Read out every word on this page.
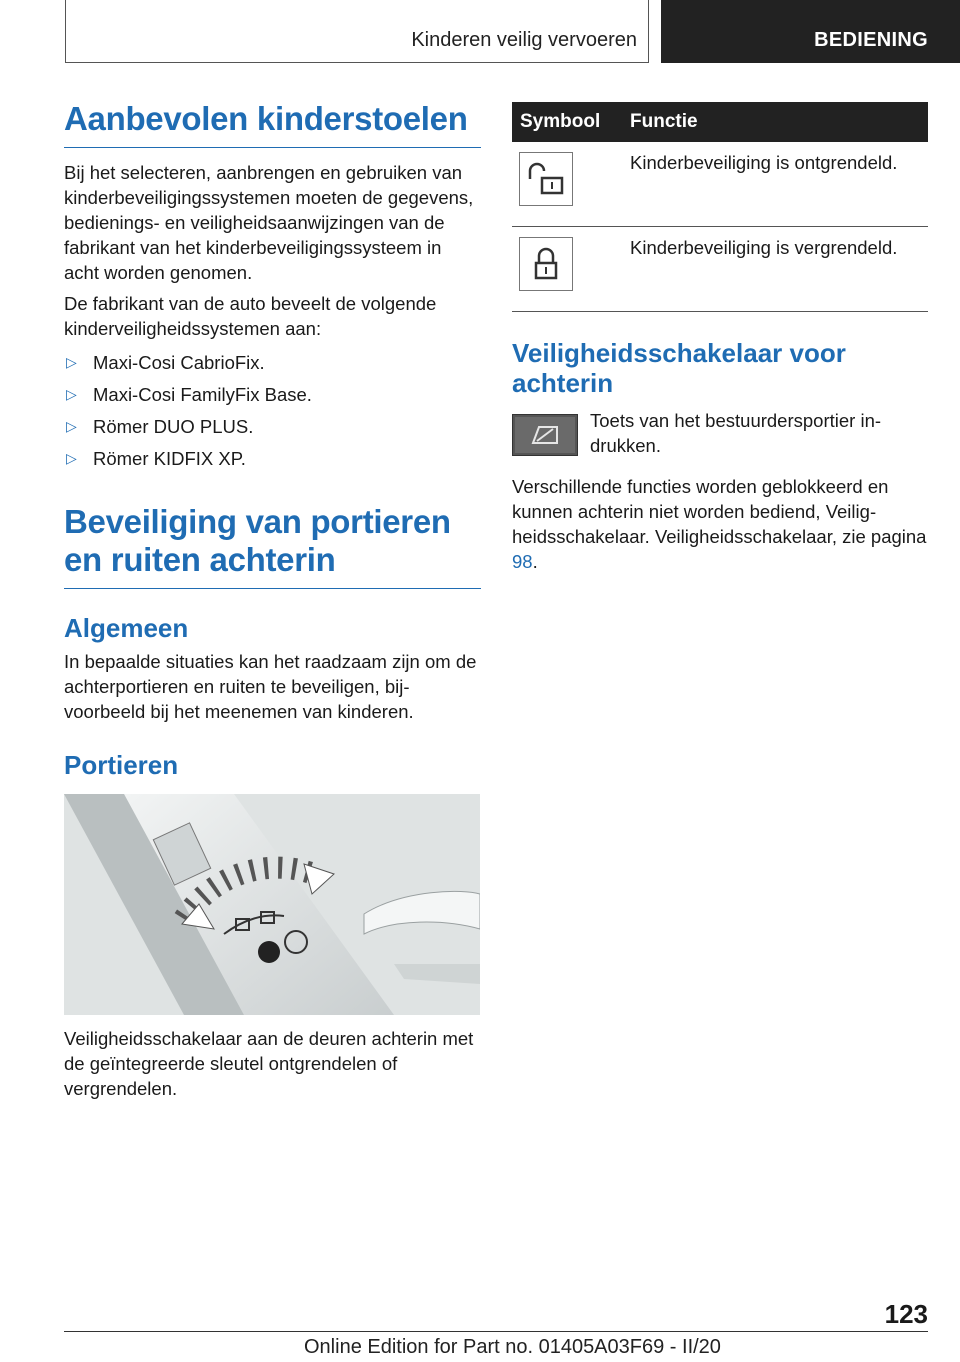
Kinderen veilig vervoeren	BEDIENING
Aanbevolen kinderstoelen

Bij het selecteren, aanbrengen en gebruiken van kinderbeveiligingssystemen moeten de gegevens, bedienings- en veiligheidsaanwijzingen van de fabrikant van het kinderbeveiligingssysteem in acht worden genomen.

De fabrikant van de auto beveelt de volgende kinderveiligheidssystemen aan:

▷ Maxi-Cosi CabrioFix.
▷ Maxi-Cosi FamilyFix Base.
▷ Römer DUO PLUS.
▷ Römer KIDFIX XP.
Beveiliging van portieren
en ruiten achterin
Algemeen

In bepaalde situaties kan het raadzaam zijn om de achterportieren en ruiten te beveiligen, bijvoorbeeld bij het meenemen van kinderen.

Portieren

Veiligheidsschakelaar aan de deuren achterin met de geïntegreerde sleutel ontgrendelen of vergrendelen.

Symbool	Functie

	Kinderbeveiliging is ontgrendeld.

	Kinderbeveiliging is vergrendeld.
Veiligheidsschakelaar voor
achterin

Toets van het bestuurdersportier indrukken.

Verschillende functies worden geblokkeerd en kunnen achterin niet worden bediend, Veiligheidsschakelaar. Veiligheidsschakelaar, zie pagina 98.

123
Online Edition for Part no. 01405A03F69 - II/20
